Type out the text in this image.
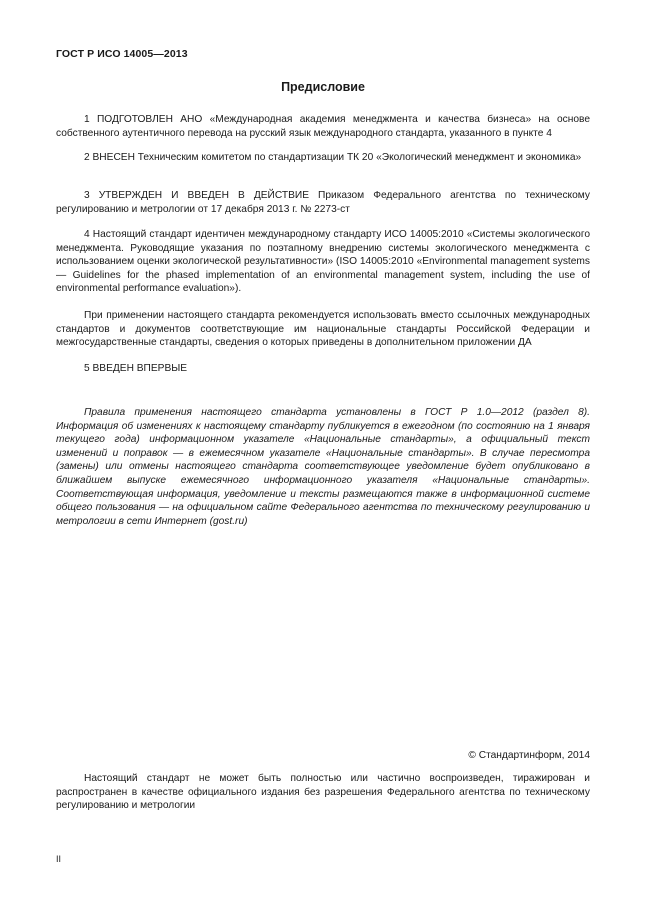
ГОСТ Р ИСО 14005—2013
Предисловие

1 ПОДГОТОВЛЕН АНО «Международная академия менеджмента и качества бизнеса» на основе собственного аутентичного перевода на русский язык международного стандарта, указанного в пункте 4

2 ВНЕСЕН Техническим комитетом по стандартизации ТК 20 «Экологический менеджмент и экономика»

3 УТВЕРЖДЕН И ВВЕДЕН В ДЕЙСТВИЕ Приказом Федерального агентства по техническому регулированию и метрологии от 17 декабря 2013 г. № 2273-ст

4 Настоящий стандарт идентичен международному стандарту ИСО 14005:2010 «Системы экологического менеджмента. Руководящие указания по поэтапному внедрению системы экологического менеджмента с использованием оценки экологической результативности» (ISO 14005:2010 «Environmental management systems — Guidelines for the phased implementation of an environmental management system, including the use of environmental performance evaluation»).

При применении настоящего стандарта рекомендуется использовать вместо ссылочных международных стандартов и документов соответствующие им национальные стандарты Российской Федерации и межгосударственные стандарты, сведения о которых приведены в дополнительном приложении ДА

5 ВВЕДЕН ВПЕРВЫЕ

Правила применения настоящего стандарта установлены в ГОСТ Р 1.0—2012 (раздел 8). Информация об изменениях к настоящему стандарту публикуется в ежегодном (по состоянию на 1 января текущего года) информационном указателе «Национальные стандарты», а официальный текст изменений и поправок — в ежемесячном указателе «Национальные стандарты». В случае пересмотра (замены) или отмены настоящего стандарта соответствующее уведомление будет опубликовано в ближайшем выпуске ежемесячного информационного указателя «Национальные стандарты». Соответствующая информация, уведомление и тексты размещаются также в информационной системе общего пользования — на официальном сайте Федерального агентства по техническому регулированию и метрологии в сети Интернет (gost.ru)

© Стандартинформ, 2014

Настоящий стандарт не может быть полностью или частично воспроизведен, тиражирован и распространен в качестве официального издания без разрешения Федерального агентства по техническому регулированию и метрологии

II
